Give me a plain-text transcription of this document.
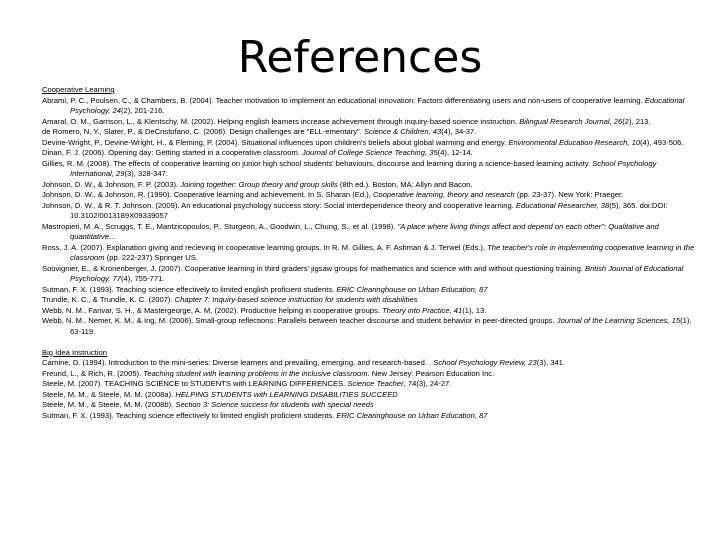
References
Cooperative Learning
Abrami, P. C., Poulsen, C., & Chambers, B. (2004). Teacher motivation to implement an educational innovation: Factors differentiating users and non-users of cooperative learning. Educational Psychology, 24(2), 201-216.
Amaral, O. M., Garrison, L., & Klentschy, M. (2002). Helping english learners increase achievement through inquiry-based science instruction. Bilingual Research Journal, 26(2), 213.
de Romero, N. Y., Slater, P., & DeCristofano, C. (2006). Design challenges are "ELL-ementary". Science & Children, 43(4), 34-37.
Devine-Wright, P., Devine-Wright, H., & Fleming, P. (2004). Situational influences upon children's beliefs about global warming and energy. Environmental Education Research, 10(4), 493-506.
Dinan, F. J. (2006). Opening day: Getting started in a cooperative classroom. Journal of College Science Teaching, 35(4), 12-14.
Gillies, R. M. (2008). The effects of cooperative learning on junior high school students' behaviours, discourse and learning during a science-based learning activity. School Psychology International, 29(3), 328-347.
Johnson, D. W., & Johnson, F. P. (2003). Joining together: Group theory and group skills (8th ed.). Boston, MA: Allyn and Bacon.
Johnson, D. W., & Johnson, R. (1990). Cooperative learning and achievement. In S. Sharan (Ed.), Cooperative learning, theory and research (pp. 23-37). New York: Praeger.
Johnson, D. W., & R. T. Johnson. (2009). An educational psychology success story: Social interdependence theory and cooperative learning. Educational Researcher, 38(5), 365. doi:DOI: 10.3102/0013189X09339057
Mastropieri, M. A., Scruggs, T. E., Mantzicopoulos, P., Sturgeon, A., Goodwin, L., Chung, S., et al. (1998). "A place where living things affect and depend on each other": Qualitative and quantitative...
Ross, J. A. (2007). Explanation giving and recieving in cooperative learning groups. In R. M. Gillies, A. F. Ashman & J. Terwel (Eds.), The teacher's role in implementing cooperative learning in the classroom (pp. 222-237) Springer US.
Souvignier, E., & Kronenberger, J. (2007). Cooperative learning in third graders' jigsaw groups for mathematics and science with and without questioning training. British Journal of Educational Psychology, 77(4), 755-771.
Sutman, F. X. (1993). Teaching science effectively to limited english proficient students. ERIC Clearinghouse on Urban Education, 87
Trundle, K. C., & Trundle, K. C. (2007). Chapter 7: Inquiry-based science instruction for students with disabilities
Webb, N. M., Farivar, S. H., & Mastergeorge, A. M. (2002). Productive helping in cooperative groups. Theory into Practice, 41(1), 13.
Webb, N. M., Nemer, K. M., & Ing, M. (2006). Small-group reflections: Parallels between teacher discourse and student behavior in peer-directed groups. Journal of the Learning Sciences, 15(1), 63-119.
Big Idea Instruction
Carnine, D. (1994). Introduction to the mini-series: Diverse learners and prevailing, emerging, and research-based. . School Psychology Review, 23(3), 341.
Freund, L., & Rich, R. (2005). Teaching student with learning problems in the inclusive classroom. New Jersey: Pearson Education Inc.
Steele, M. (2007). TEACHING SCIENCE to STUDENTS with LEARNING DIFFERENCES. Science Teacher, 74(3), 24-27.
Steele, M. M., & Steele, M. M. (2008a). HELPING STUDENTS with LEARNING DISABILITIES SUCCEED
Steele, M. M., & Steele, M. M. (2008b). Section 3: Science success for students with special needs
Sutman, F. X. (1993). Teaching science effectively to limited english proficient students. ERIC Clearinghouse on Urban Education, 87
